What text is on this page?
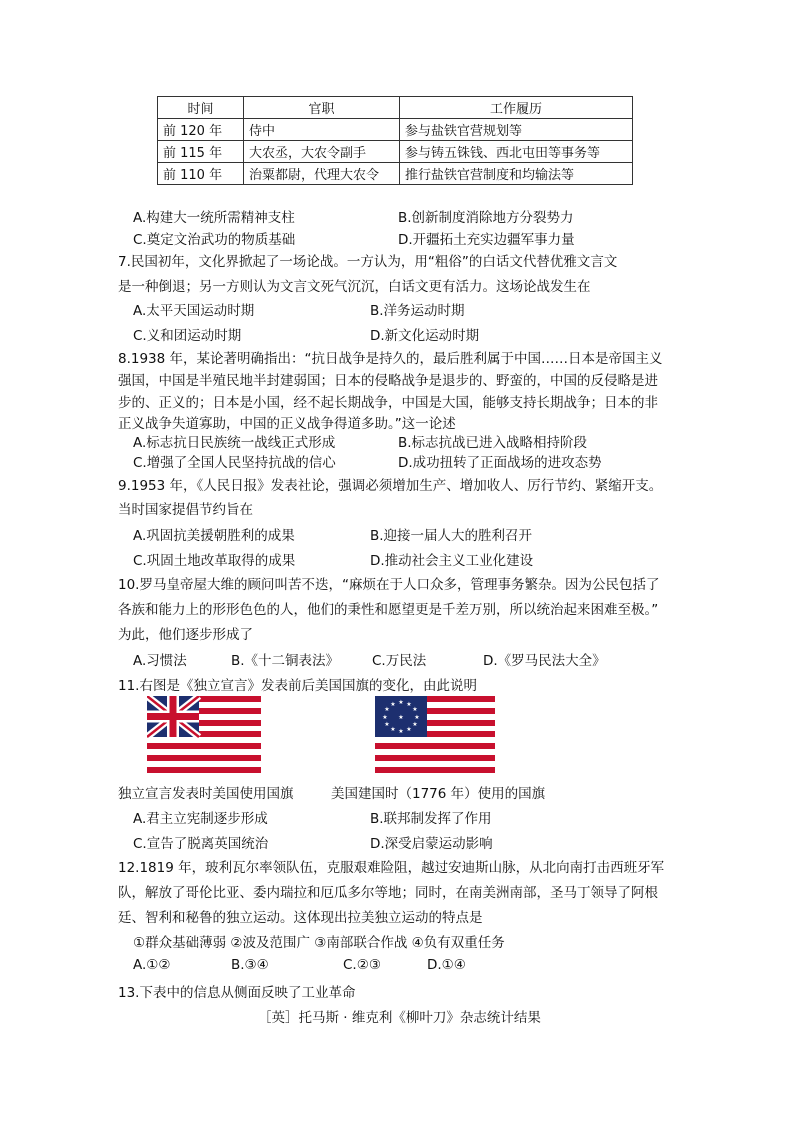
时间	官职	工作履历
前 120 年	侍中	参与盐铁官营规划等
前 115 年	大农丞，大农令副手	参与铸五铢钱、西北屯田等事务等
前 110 年	治粟都尉，代理大农令	推行盐铁官营制度和均输法等
A.构建大一统所需精神支柱	B.创新制度消除地方分裂势力
C.奠定文治武功的物质基础	D.开疆拓土充实边疆军事力量
7.民国初年，文化界掀起了一场论战。一方认为，用“粗俗”的白话文代替优雅文言文
是一种倒退；另一方则认为文言文死气沉沉，白话文更有活力。这场论战发生在
A.太平天国运动时期	B.洋务运动时期
C.义和团运动时期	D.新文化运动时期
8.1938 年，某论著明确指出：“抗日战争是持久的，最后胜利属于中国……日本是帝国主义
强国，中国是半殖民地半封建弱国；日本的侵略战争是退步的、野蛮的，中国的反侵略是进
步的、正义的；日本是小国，经不起长期战争，中国是大国，能够支持长期战争；日本的非
正义战争失道寡助，中国的正义战争得道多助。”这一论述
A.标志抗日民族统一战线正式形成	B.标志抗战已进入战略相持阶段
C.增强了全国人民坚持抗战的信心	D.成功扭转了正面战场的进攻态势
9.1953 年，《人民日报》发表社论，强调必须增加生产、增加收人、厉行节约、紧缩开支。
当时国家提倡节约旨在
A.巩固抗美援朝胜利的成果	B.迎接一届人大的胜利召开
C.巩固土地改革取得的成果	D.推动社会主义工业化建设
10.罗马皇帝屋大维的顾问叫苦不迭，“麻烦在于人口众多，管理事务繁杂。因为公民包括了
各族和能力上的形形色色的人，他们的秉性和愿望更是千差万别，所以统治起来困难至极。”
为此，他们逐步形成了
A.习惯法	B.《十二铜表法》 C.万民法	D.《罗马民法大全》
11.右图是《独立宣言》发表前后美国国旗的变化，由此说明
★ ★
★
★
★
★
★
★
★
★
★
★
★
独立宣言发表时美国使用国旗	美国建国时（1776 年）使用的国旗
A.君主立宪制逐步形成	B.联邦制发挥了作用
C.宣告了脱离英国统治	D.深受启蒙运动影响
12.1819 年，玻利瓦尔率领队伍，克服艰难险阻，越过安迪斯山脉，从北向南打击西班牙军
队，解放了哥伦比亚、委内瑞拉和厄瓜多尔等地；同时，在南美洲南部，圣马丁领导了阿根
廷、智利和秘鲁的独立运动。这体现出拉美独立运动的特点是
①群众基础薄弱 ②波及范围广 ③南部联合作战 ④负有双重任务
A.①②	B.③④	C.②③	D.①④
13.下表中的信息从侧面反映了工业革命
［英］托马斯 · 维克利《柳叶刀》杂志统计结果
